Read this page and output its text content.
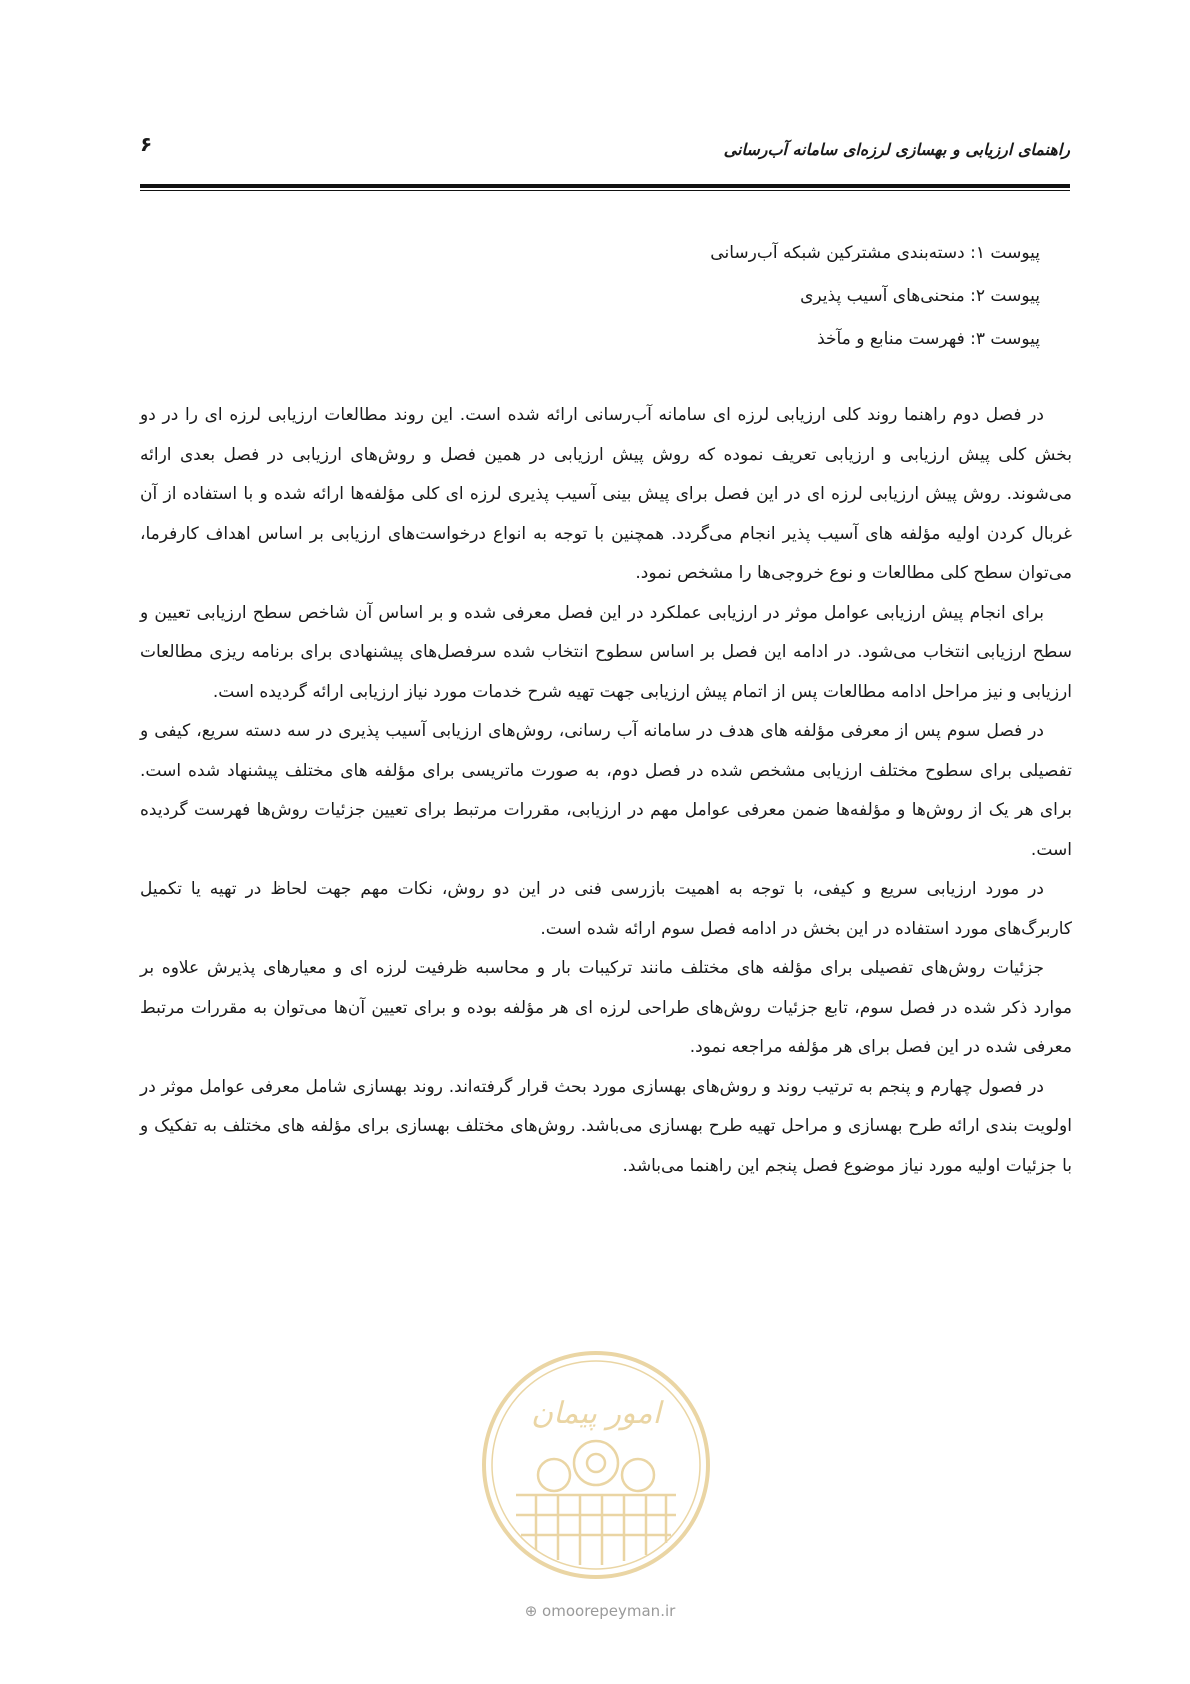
۶	راهنمای ارزیابی و بهسازی لرزه‌ای سامانه آب‌رسانی
پیوست ۱: دسته‌بندی مشترکین شبکه آب‌رسانی
پیوست ۲: منحنی‌های آسیب پذیری
پیوست ۳: فهرست منابع و مآخذ

در فصل دوم راهنما روند کلی ارزیابی لرزه ای سامانه آب‌رسانی ارائه شده است. این روند مطالعات ارزیابی لرزه ای را در دو بخش کلی پیش ارزیابی و ارزیابی تعریف نموده که روش پیش ارزیابی در همین فصل و روش‌های ارزیابی در فصل بعدی ارائه می‌شوند. روش پیش ارزیابی لرزه ای در این فصل برای پیش بینی آسیب پذیری لرزه ای کلی مؤلفه‌ها ارائه شده و با استفاده از آن غربال کردن اولیه مؤلفه های آسیب پذیر انجام می‌گردد. همچنین با توجه به انواع درخواست‌های ارزیابی بر اساس اهداف کارفرما، می‌توان سطح کلی مطالعات و نوع خروجی‌ها را مشخص نمود.

برای انجام پیش ارزیابی عوامل موثر در ارزیابی عملکرد در این فصل معرفی شده و بر اساس آن شاخص سطح ارزیابی تعیین و سطح ارزیابی انتخاب می‌شود. در ادامه این فصل بر اساس سطوح انتخاب شده سرفصل‌های پیشنهادی برای برنامه ریزی مطالعات ارزیابی و نیز مراحل ادامه مطالعات پس از اتمام پیش ارزیابی جهت تهیه شرح خدمات مورد نیاز ارزیابی ارائه گردیده است.

در فصل سوم پس از معرفی مؤلفه های هدف در سامانه آب رسانی، روش‌های ارزیابی آسیب پذیری در سه دسته سریع، کیفی و تفصیلی برای سطوح مختلف ارزیابی مشخص شده در فصل دوم، به صورت ماتریسی برای مؤلفه های مختلف پیشنهاد شده است. برای هر یک از روش‌ها و مؤلفه‌ها ضمن معرفی عوامل مهم در ارزیابی، مقررات مرتبط برای تعیین جزئیات روش‌ها فهرست گردیده است.

در مورد ارزیابی سریع و کیفی، با توجه به اهمیت بازرسی فنی در این دو روش، نکات مهم جهت لحاظ در تهیه یا تکمیل کاربرگ‌های مورد استفاده در این بخش در ادامه فصل سوم ارائه شده است.

جزئیات روش‌های تفصیلی برای مؤلفه های مختلف مانند ترکیبات بار و محاسبه ظرفیت لرزه ای و معیارهای پذیرش علاوه بر موارد ذکر شده در فصل سوم، تابع جزئیات روش‌های طراحی لرزه ای هر مؤلفه بوده و برای تعیین آن‌ها می‌توان به مقررات مرتبط معرفی شده در این فصل برای هر مؤلفه مراجعه نمود.

در فصول چهارم و پنجم به ترتیب روند و روش‌های بهسازی مورد بحث قرار گرفته‌اند. روند بهسازی شامل معرفی عوامل موثر در اولویت بندی ارائه طرح بهسازی و مراحل تهیه طرح بهسازی می‌باشد. روش‌های مختلف بهسازی برای مؤلفه های مختلف به تفکیک و با جزئیات اولیه مورد نیاز موضوع فصل پنجم این راهنما می‌باشد.

امور پیمان
⊕ omoorepeyman.ir
